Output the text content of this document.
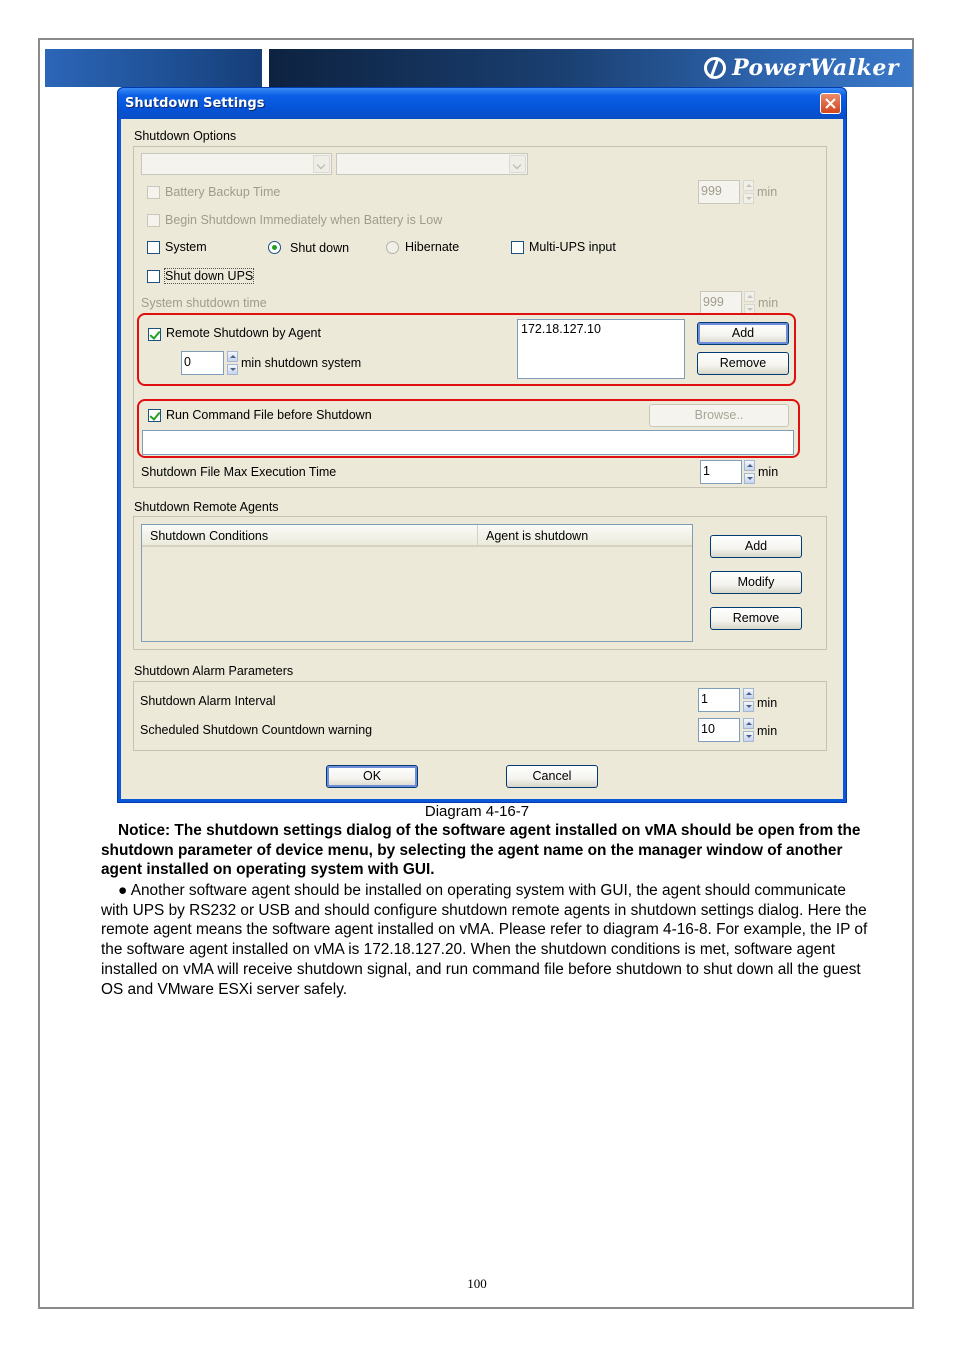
PowerWalker
Shutdown Settings
Shutdown Options
Battery Backup Time	999	min
Begin Shutdown Immediately when Battery is Low
System	Shut down	Hibernate	Multi-UPS input
Shut down UPS
System shutdown time	999	min
Remote Shutdown by Agent
0	min shutdown system
172.18.127.10	Add
Remove
Run Command File before Shutdown	Browse..
Shutdown File Max Execution Time	1	min
Shutdown Remote Agents
Shutdown Conditions	Agent is shutdown
Add
Modify
Remove
Shutdown Alarm Parameters
Shutdown Alarm Interval	1	min
Scheduled Shutdown Countdown warning	10	min
OK	Cancel
Diagram 4-16-7
Notice: The shutdown settings dialog of the software agent installed on vMA should be open from the shutdown parameter of device menu, by selecting the agent name on the manager window of another agent installed on operating system with GUI.
● Another software agent should be installed on operating system with GUI, the agent should communicate with UPS by RS232 or USB and should configure shutdown remote agents in shutdown settings dialog. Here the remote agent means the software agent installed on vMA. Please refer to diagram 4-16-8. For example, the IP of the software agent installed on vMA is 172.18.127.20. When the shutdown conditions is met, software agent installed on vMA will receive shutdown signal, and run command file before shutdown to shut down all the guest OS and VMware ESXi server safely.
100
